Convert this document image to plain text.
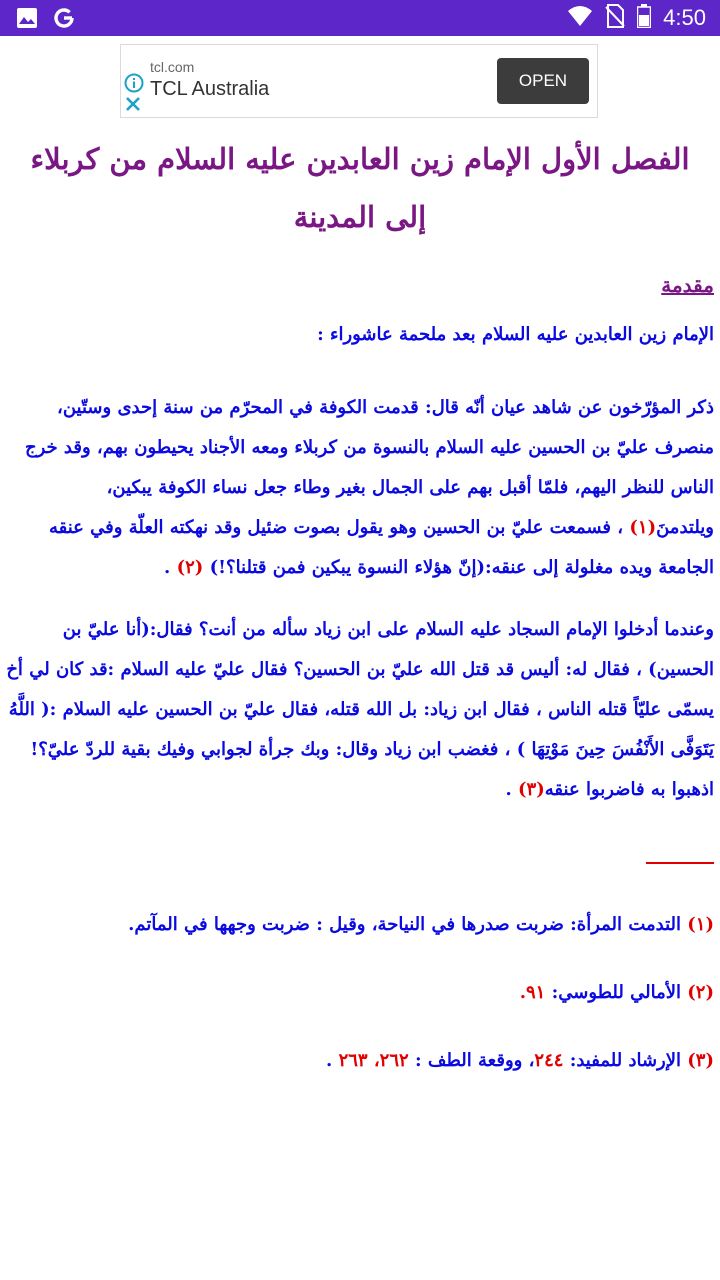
4:50
tcl.com
TCL Australia	OPEN
الفصل الأول الإمام زين العابدين عليه السلام من كربلاء إلى المدينة
مقدمة
الإمام زين العابدين عليه السلام بعد ملحمة عاشوراء :
ذكر المؤرّخون عن شاهد عيان أنّه قال: قدمت الكوفة في المحرّم من سنة إحدى وستّين، منصرف عليّ بن الحسين عليه السلام بالنسوة من كربلاء ومعه الأجناد يحيطون بهم، وقد خرج الناس للنظر اليهم، فلمّا أقبل بهم على الجمال بغير وطاء جعل نساء الكوفة يبكين، ويلتدمنَ(١) ، فسمعت عليّ بن الحسين وهو يقول بصوت ضئيل وقد نهكته العلّة وفي عنقه الجامعة ويده مغلولة إلى عنقه:(إنّ هؤلاء النسوة يبكين فمن قتلنا؟!) (٢) .
وعندما أدخلوا الإمام السجاد عليه السلام على ابن زياد سأله من أنت؟ فقال:(أنا عليّ بن الحسين) ، فقال له: أليس قد قتل الله عليّ بن الحسين؟ فقال عليّ عليه السلام :قد كان لي أخ يسمّى عليّاً قتله الناس ، فقال ابن زياد: بل الله قتله، فقال عليّ بن الحسين عليه السلام :( اللَّهُ يَتَوَفَّى الأَنْفُسَ حِينَ مَوْتِهَا ) ، فغضب ابن زياد وقال: وبك جرأة لجوابي وفيك بقية للردّ عليّ؟! اذهبوا به فاضربوا عنقه(٣) .
(١) التدمت المرأة: ضربت صدرها في النياحة، وقيل : ضربت وجهها في المآتم.
(٢) الأمالي للطوسي: ٩١.
(٣) الإرشاد للمفيد: ٢٤٤، ووقعة الطف : ٢٦٢، ٢٦٣ .
